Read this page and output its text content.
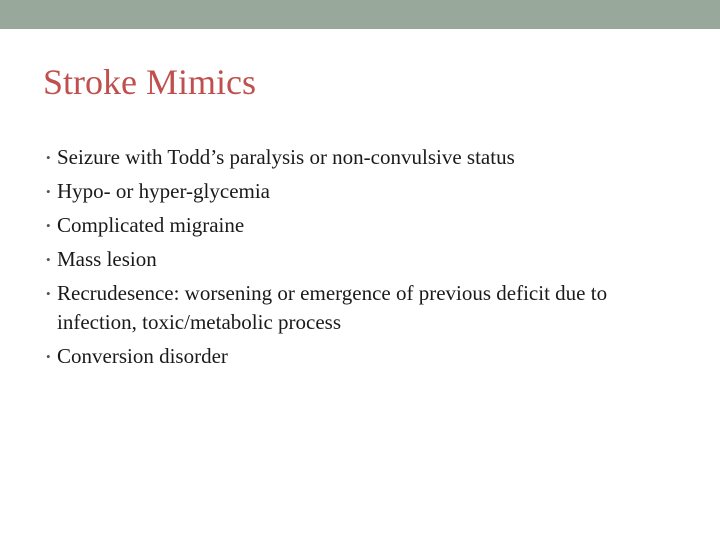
Stroke Mimics
• Seizure with Todd’s paralysis or non-convulsive status
• Hypo- or hyper-glycemia
• Complicated migraine
• Mass lesion
• Recrudesence: worsening or emergence of previous deficit due to infection, toxic/metabolic process
• Conversion disorder
